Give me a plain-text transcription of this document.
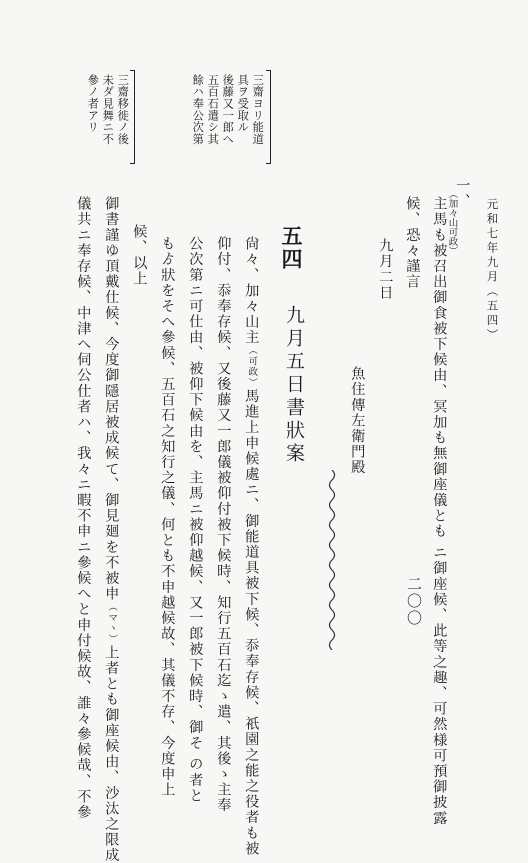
二〇〇
元和七年九月（五四）
三齋ヨリ能道
具ヲ受取ル
後藤又一郎へ
五百石遣シ其
餘ハ奉公次第
三齋移徙ノ後
未ダ見舞ニ不
參ノ者アリ
一、
（加々山可政）
主馬も被召出御食被下候由、冥加も無御座儀とも ニ御座候、此等之趣、可然様可預御披露
候、恐々謹言
九月二日
魚住傳左衛門殿
五四
九月五日書狀案
尙々、加々山主（可政）馬進上申候處ニ、御能道具被下候、忝奉存候、祇園之能之役者も被
仰付、忝奉存候、又後藤又一郎儀被仰付被下候時、知行五百石迄ゝ遣、其後ゝ主奉
公次第ニ可仕由、被仰下候由を、主馬ニ被仰越候、又一郎被下候時、御そ の者と
もゟ狀をそへ參候、五百石之知行之儀、何とも不申越候故、其儀不存、今度申上
候、以上
御書謹ゆ頂戴仕候、今度御隱居被成候て、御見廻を不被申（マヽ）上者とも御座候由、沙汰之限成
儀共ニ奉存候、中津へ伺公仕者ハ、我々ニ暇不申ニ參候へと申付候故、誰々參候哉、不參
